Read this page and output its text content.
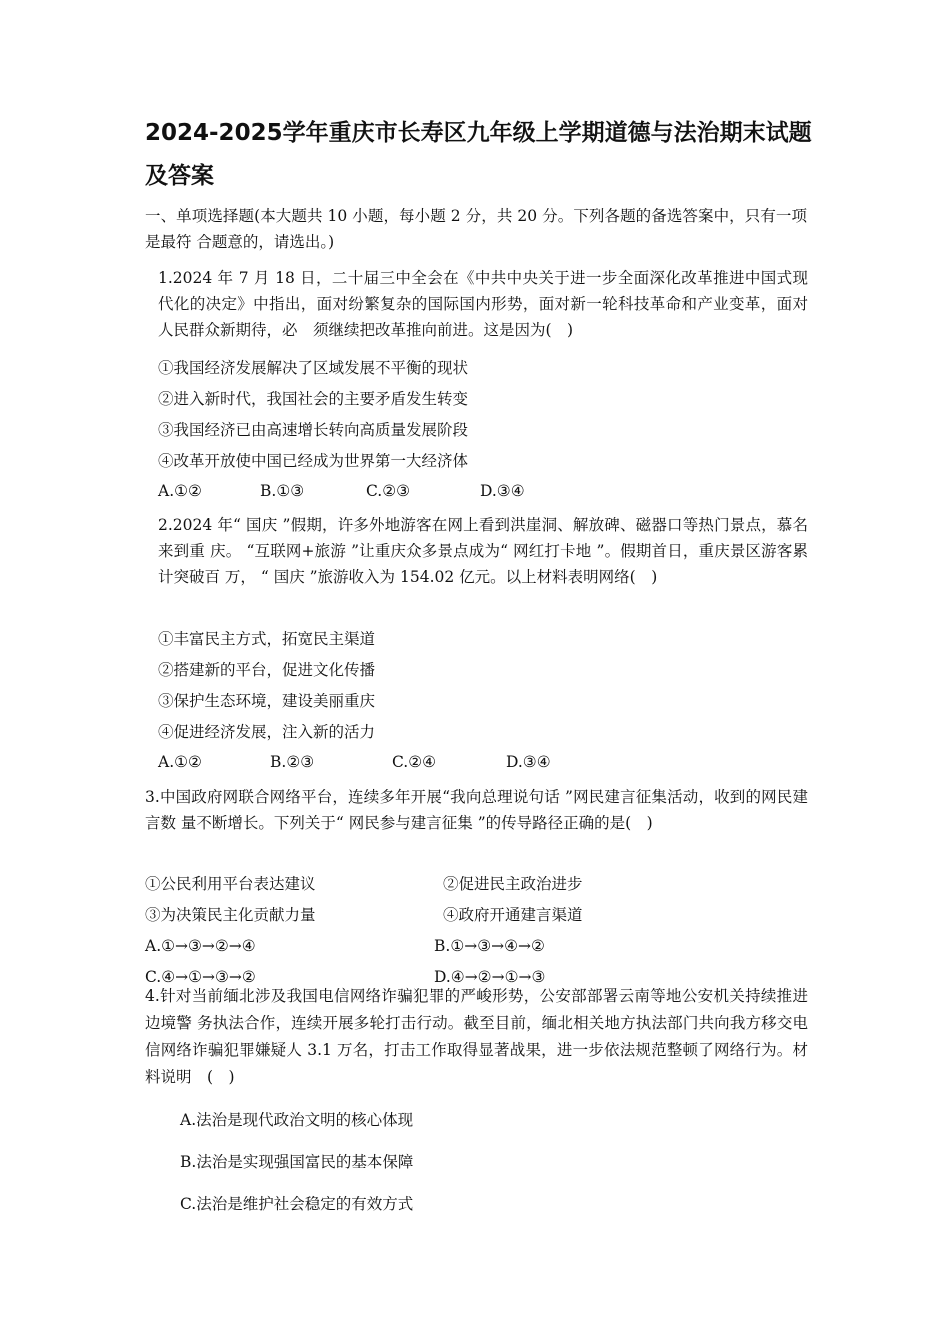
2024-2025学年重庆市长寿区九年级上学期道德与法治期末试题及答案
一、单项选择题(本大题共 10 小题，每小题 2 分，共 20 分。下列各题的备选答案中，只有一项是最符 合题意的，请选出。)
1.2024 年 7 月 18 日，二十届三中全会在《中共中央关于进一步全面深化改革推进中国式现代化的决定》中指出，面对纷繁复杂的国际国内形势，面对新一轮科技革命和产业变革，面对人民群众新期待，必　须继续把改革推向前进。这是因为(　)
①我国经济发展解决了区域发展不平衡的现状
②进入新时代，我国社会的主要矛盾发生转变
③我国经济已由高速增长转向高质量发展阶段
④改革开放使中国已经成为世界第一大经济体
A.①②	B.①③	C.②③	D.③④
2.2024 年“ 国庆 ”假期，许多外地游客在网上看到洪崖洞、解放碑、磁器口等热门景点，慕名来到重 庆。 “互联网+旅游 ”让重庆众多景点成为“ 网红打卡地 ”。假期首日，重庆景区游客累计突破百 万， “ 国庆 ”旅游收入为 154.02 亿元。以上材料表明网络(　)
①丰富民主方式，拓宽民主渠道
②搭建新的平台，促进文化传播
③保护生态环境，建设美丽重庆
④促进经济发展，注入新的活力
A.①②	B.②③	C.②④	D.③④
3.中国政府网联合网络平台，连续多年开展“我向总理说句话 ”网民建言征集活动，收到的网民建言数 量不断增长。下列关于“ 网民参与建言征集 ”的传导路径正确的是(　)
①公民利用平台表达建议	②促进民主政治进步
③为决策民主化贡献力量	④政府开通建言渠道
A.①→③→②→④	B.①→③→④→②
C.④→①→③→②	D.④→②→①→③
4.针对当前缅北涉及我国电信网络诈骗犯罪的严峻形势，公安部部署云南等地公安机关持续推进边境警 务执法合作，连续开展多轮打击行动。截至目前，缅北相关地方执法部门共向我方移交电信网络诈骗犯罪嫌疑人 3.1 万名，打击工作取得显著战果，进一步依法规范整顿了网络行为。材料说明　(　)
A.法治是现代政治文明的核心体现
B.法治是实现强国富民的基本保障
C.法治是维护社会稳定的有效方式
